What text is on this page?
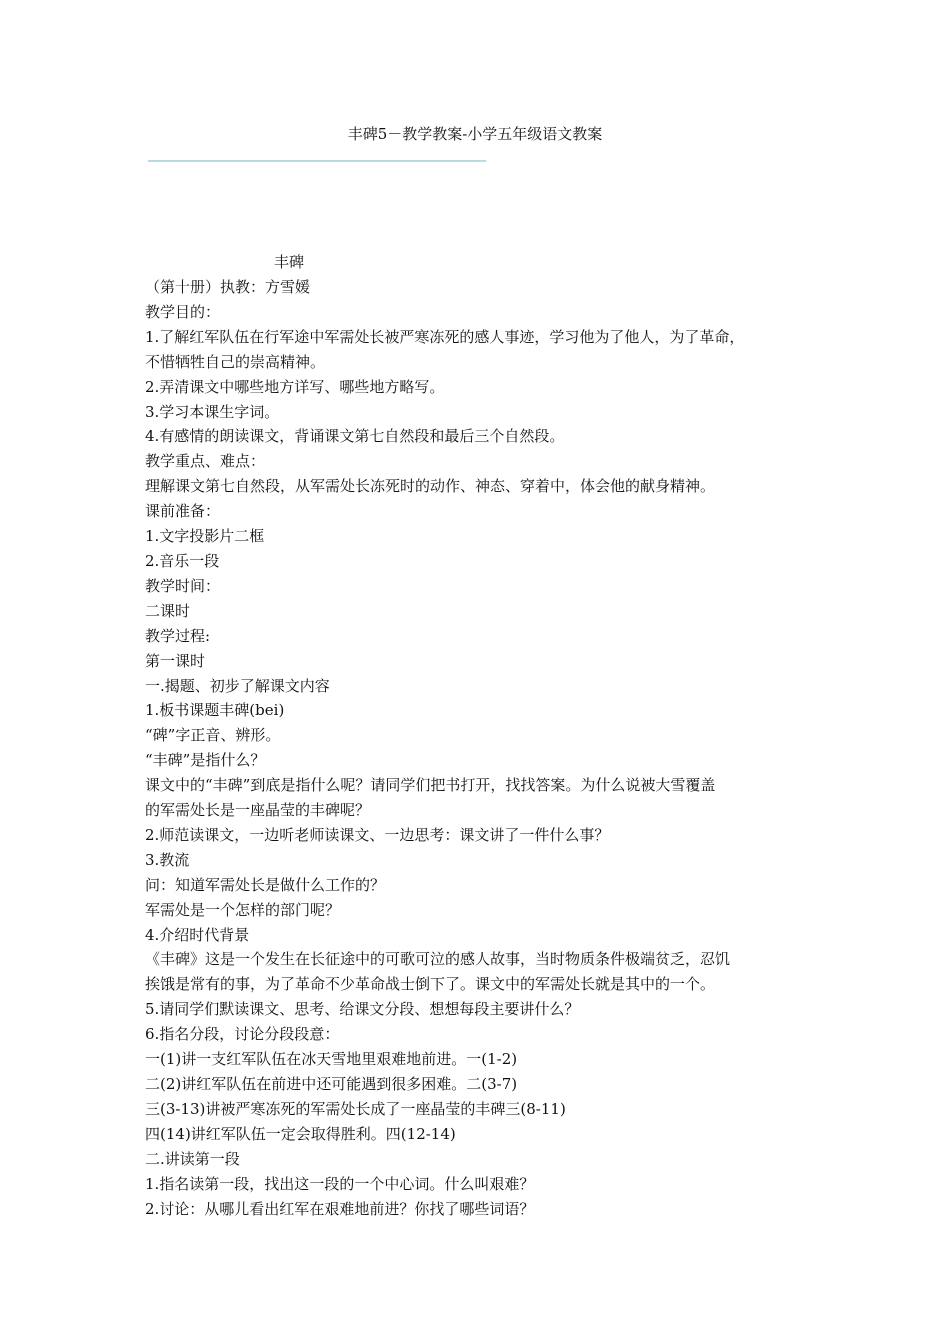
丰碑5－教学教案-小学五年级语文教案
——————————————————————————————————————————
丰碑

（第十册）执教：方雪媛

教学目的：

1.了解红军队伍在行军途中军需处长被严寒冻死的感人事迹，学习他为了他人，为了革命，

不惜牺牲自己的崇高精神。

2.弄清课文中哪些地方详写、哪些地方略写。

3.学习本课生字词。

4.有感情的朗读课文，背诵课文第七自然段和最后三个自然段。

教学重点、难点：

理解课文第七自然段，从军需处长冻死时的动作、神态、穿着中，体会他的献身精神。

课前准备：

1.文字投影片二框

2.音乐一段

教学时间：

二课时

教学过程:

第一课时

一.揭题、初步了解课文内容

1.板书课题丰碑(bei)

“碑”字正音、辨形。

“丰碑”是指什么？

课文中的“丰碑”到底是指什么呢？请同学们把书打开，找找答案。为什么说被大雪覆盖

的军需处长是一座晶莹的丰碑呢？

2.师范读课文，一边听老师读课文、一边思考：课文讲了一件什么事？

3.教流

问：知道军需处长是做什么工作的？

军需处是一个怎样的部门呢？

4.介绍时代背景

《丰碑》这是一个发生在长征途中的可歌可泣的感人故事，当时物质条件极端贫乏，忍饥

挨饿是常有的事，为了革命不少革命战士倒下了。课文中的军需处长就是其中的一个。

5.请同学们默读课文、思考、给课文分段、想想每段主要讲什么？

6.指名分段，讨论分段段意：

一(1)讲一支红军队伍在冰天雪地里艰难地前进。一(1-2)

二(2)讲红军队伍在前进中还可能遇到很多困难。二(3-7)

三(3-13)讲被严寒冻死的军需处长成了一座晶莹的丰碑三(8-11)

四(14)讲红军队伍一定会取得胜利。四(12-14)

二.讲读第一段

1.指名读第一段，找出这一段的一个中心词。什么叫艰难？

2.讨论：从哪儿看出红军在艰难地前进？你找了哪些词语？
